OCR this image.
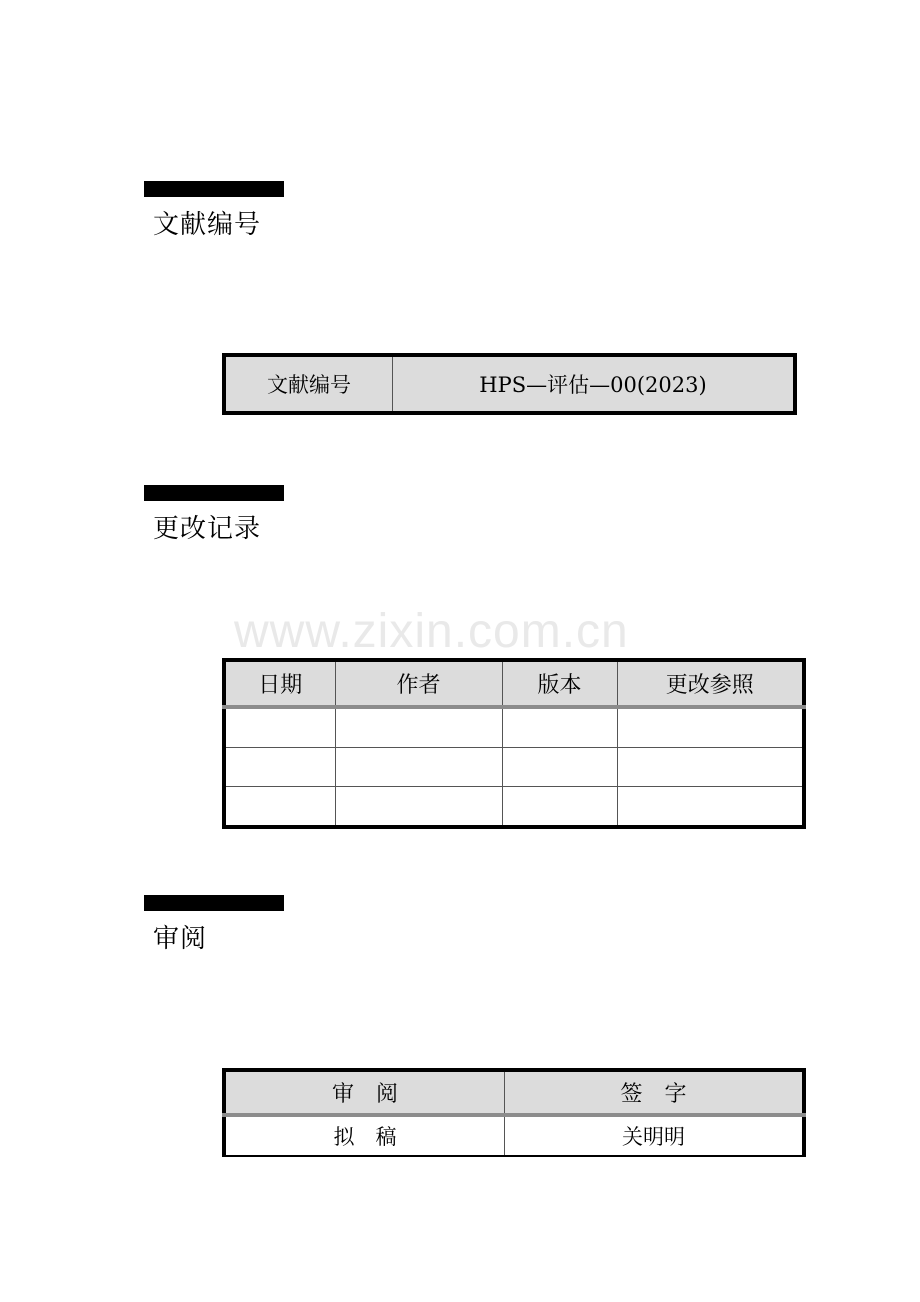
文献编号
文献编号	HPS—评估—00(2023)
更改记录
www.zixin.com.cn
日期	作者	版本	更改参照

审阅
审　阅	签　字
拟　稿	关明明
